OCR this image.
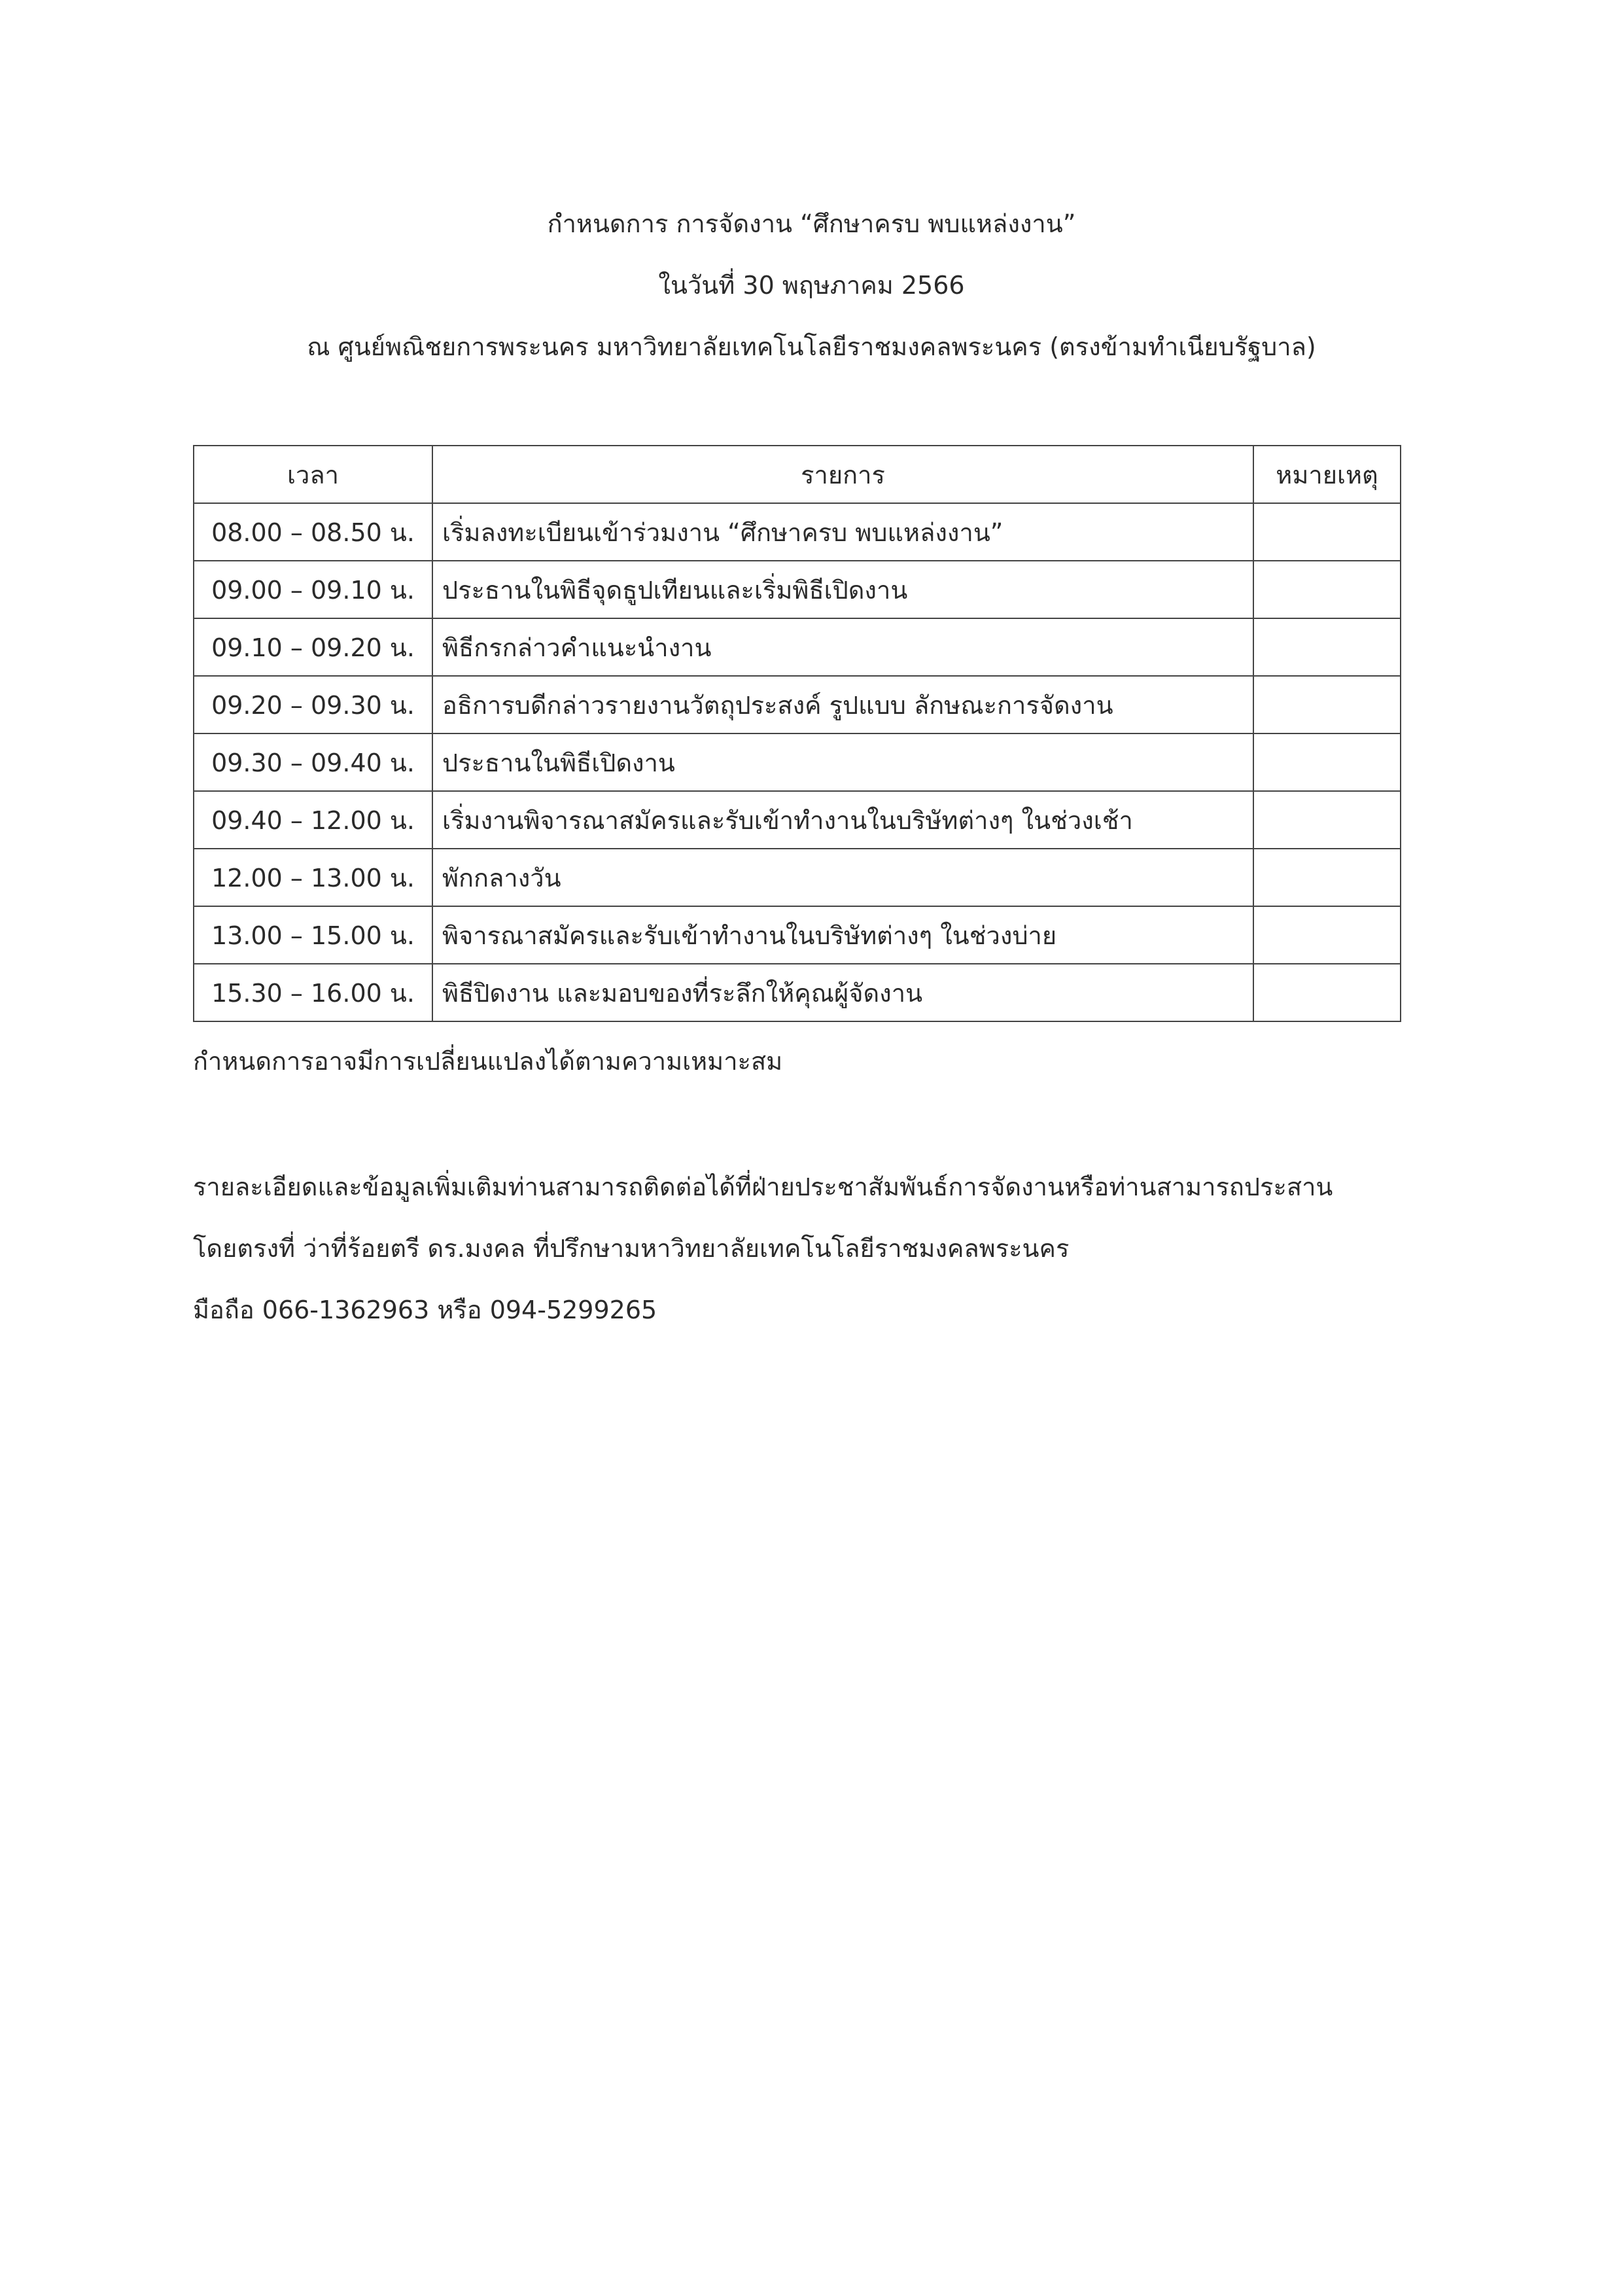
กำหนดการ การจัดงาน “ศึกษาครบ พบแหล่งงาน”
ในวันที่ 30 พฤษภาคม 2566
ณ ศูนย์พณิชยการพระนคร มหาวิทยาลัยเทคโนโลยีราชมงคลพระนคร (ตรงข้ามทำเนียบรัฐบาล)
เวลา	รายการ	หมายเหตุ
08.00 – 08.50 น.	เริ่มลงทะเบียนเข้าร่วมงาน “ศึกษาครบ พบแหล่งงาน”	
09.00 – 09.10 น.	ประธานในพิธีจุดธูปเทียนและเริ่มพิธีเปิดงาน	
09.10 – 09.20 น.	พิธีกรกล่าวคำแนะนำงาน	
09.20 – 09.30 น.	อธิการบดีกล่าวรายงานวัตถุประสงค์ รูปแบบ ลักษณะการจัดงาน	
09.30 – 09.40 น.	ประธานในพิธีเปิดงาน	
09.40 – 12.00 น.	เริ่มงานพิจารณาสมัครและรับเข้าทำงานในบริษัทต่างๆ ในช่วงเช้า	
12.00 – 13.00 น.	พักกลางวัน	
13.00 – 15.00 น.	พิจารณาสมัครและรับเข้าทำงานในบริษัทต่างๆ ในช่วงบ่าย	
15.30 – 16.00 น.	พิธีปิดงาน และมอบของที่ระลึกให้คุณผู้จัดงาน	
กำหนดการอาจมีการเปลี่ยนแปลงได้ตามความเหมาะสม
รายละเอียดและข้อมูลเพิ่มเติมท่านสามารถติดต่อได้ที่ฝ่ายประชาสัมพันธ์การจัดงานหรือท่านสามารถประสาน
โดยตรงที่ ว่าที่ร้อยตรี ดร.มงคล ที่ปรึกษามหาวิทยาลัยเทคโนโลยีราชมงคลพระนคร
มือถือ 066-1362963 หรือ 094-5299265
